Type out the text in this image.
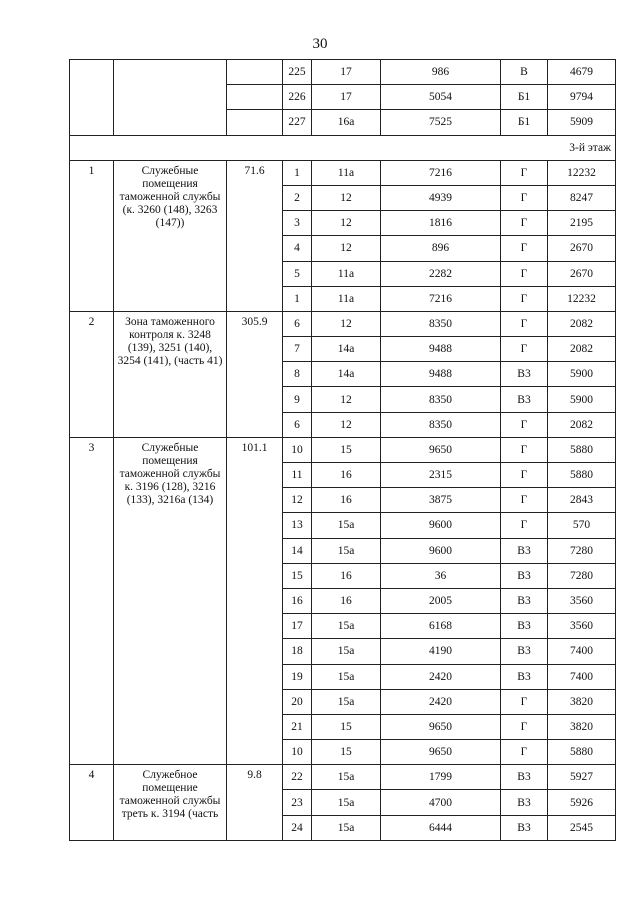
30
			225	17	986	В	4679
			226	17	5054	Б1	9794
			227	16а	7525	Б1	5909
3-й этаж							
1	Служебные помещения таможенной службы (к. 3260 (148), 3263 (147))	71.6	1	11а	7216	Г	12232
			2	12	4939	Г	8247
			3	12	1816	Г	2195
			4	12	896	Г	2670
			5	11а	2282	Г	2670
			1	11а	7216	Г	12232
2	Зона таможенного контроля к. 3248 (139), 3251 (140), 3254 (141), (часть 41)	305.9	6	12	8350	Г	2082
			7	14а	9488	Г	2082
			8	14а	9488	В3	5900
			9	12	8350	В3	5900
			6	12	8350	Г	2082
3	Служебные помещения таможенной службы к. 3196 (128), 3216 (133), 3216а (134)	101.1	10	15	9650	Г	5880
			11	16	2315	Г	5880
			12	16	3875	Г	2843
			13	15а	9600	Г	570
			14	15а	9600	В3	7280
			15	16	36	В3	7280
			16	16	2005	В3	3560
			17	15а	6168	В3	3560
			18	15а	4190	В3	7400
			19	15а	2420	В3	7400
			20	15а	2420	Г	3820
			21	15	9650	Г	3820
			10	15	9650	Г	5880
4	Служебное помещение таможенной службы треть к. 3194 (часть	9.8	22	15а	1799	В3	5927
			23	15а	4700	В3	5926
			24	15а	6444	В3	2545
